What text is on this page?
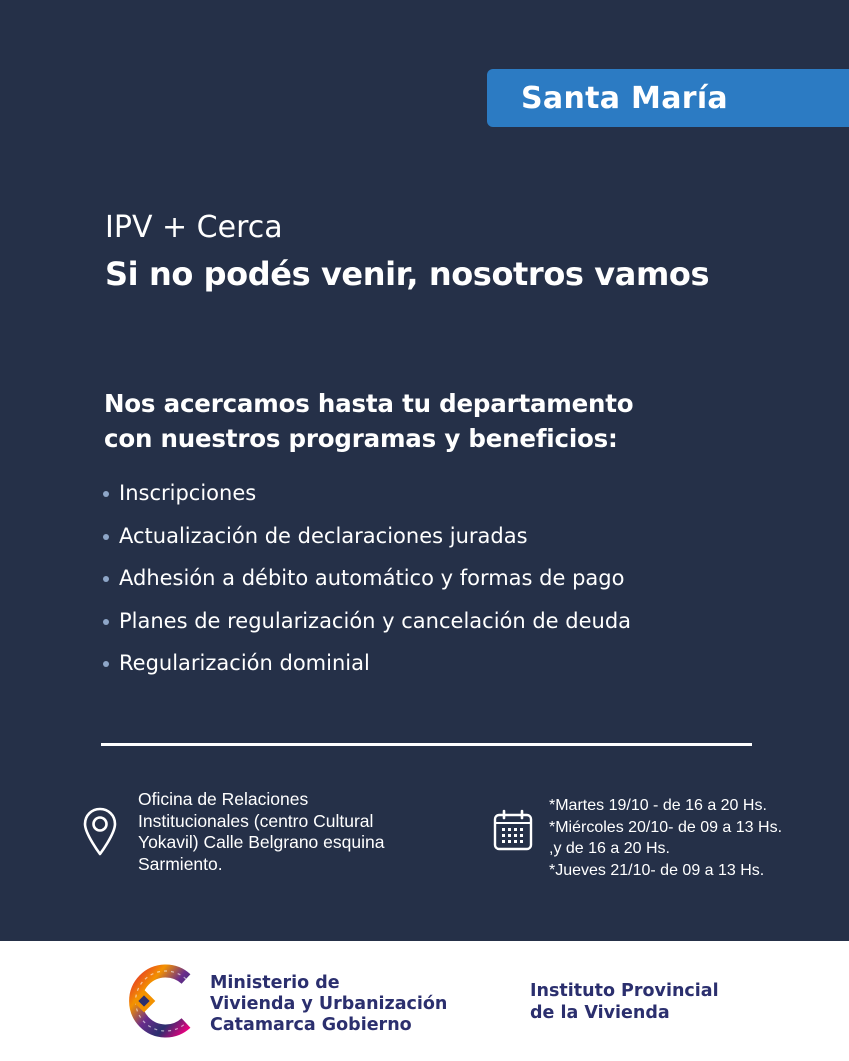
Santa María
IPV + Cerca
Si no podés venir, nosotros vamos
Nos acercamos hasta tu departamento
con nuestros programas y beneficios:
Inscripciones
Actualización de declaraciones juradas
Adhesión a débito automático y formas de pago
Planes de regularización y cancelación de deuda
Regularización dominial
Oficina de Relaciones
Institucionales (centro Cultural
Yokavil) Calle Belgrano esquina
Sarmiento.
*Martes 19/10 - de 16 a 20 Hs.
*Miércoles 20/10- de 09 a 13 Hs.
,y de 16 a 20 Hs.
*Jueves 21/10- de 09 a 13 Hs.
Ministerio de
Vivienda y Urbanización
Catamarca Gobierno
Instituto Provincial
de la Vivienda
